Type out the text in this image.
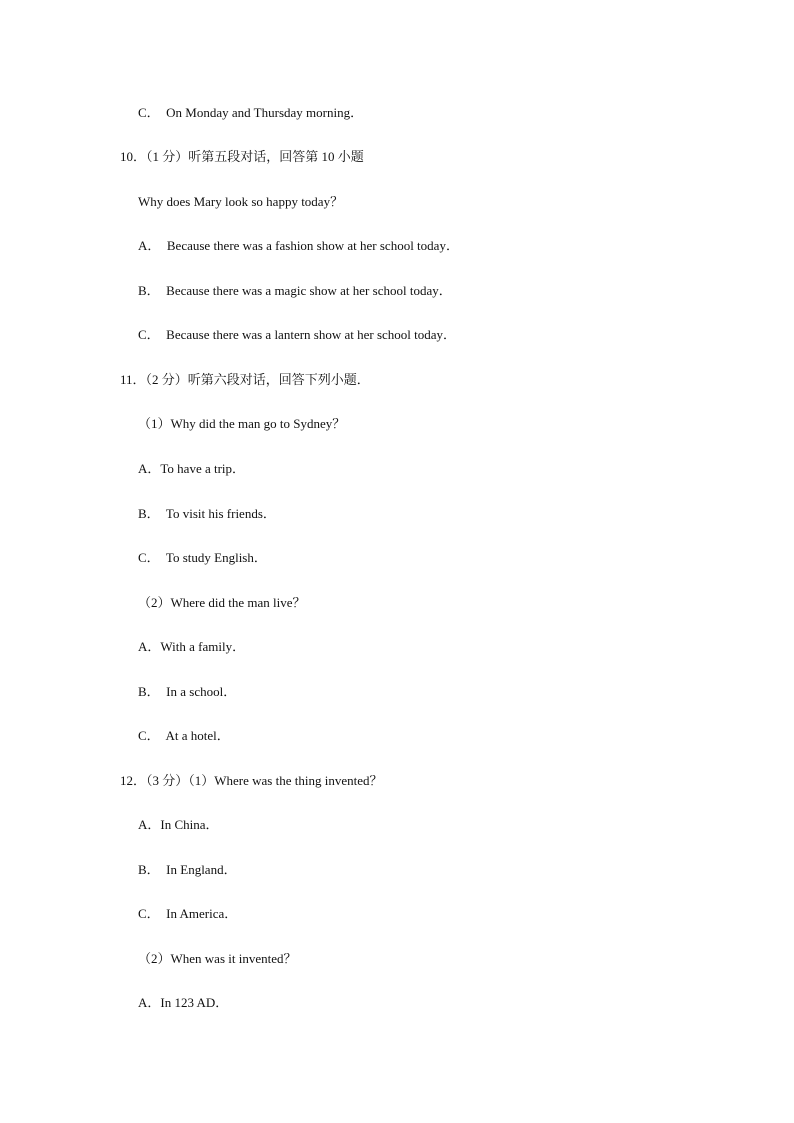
C．  On Monday and Thursday morning．
10．（1 分）听第五段对话，回答第 10 小题
Why does Mary look so happy today？
A．  Because there was a fashion show at her school today．
B．  Because there was a magic show at her school today．
C．  Because there was a lantern show at her school today．
11．（2 分）听第六段对话，回答下列小题．
（1）Why did the man go to Sydney？
A．To have a trip．
B．  To visit his friends．
C．  To study English．
（2）Where did the man live？
A．With a family．
B．  In a school．
C．  At a hotel．
12．（3 分）（1）Where was the thing invented？
A．In China．
B．  In England．
C．  In America．
（2）When was it invented？
A．In 123 AD．
